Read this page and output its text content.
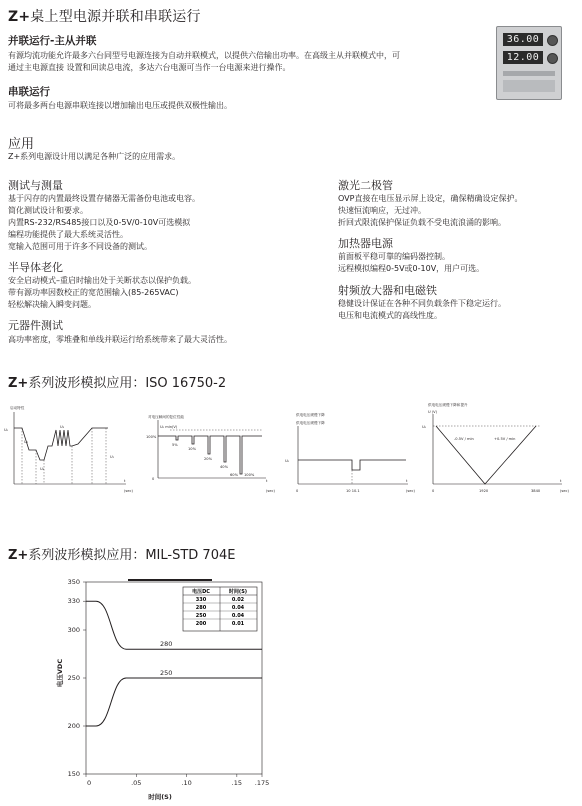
Z+桌上型电源并联和串联运行
并联运行-主从并联
有源均流功能允许最多六台同型号电源连接为自动并联模式，以提供六倍输出功率。在高级主从并联模式中，可
通过主电源直接 设置和回读总电流，多达六台电源可当作一台电源来进行操作。
串联运行
可将最多两台电源串联连接以增加输出电压或提供双极性输出。
36.00
12.00
应用
Z+系列电源设计用以满足各种广泛的应用需求。
测试与测量
基于闪存的内置最终设置存储器无需备份电池或电容。
简化测试设计和要求。
内置RS-232/RS485接口以及0-5V/0-10V可选模拟
编程功能提供了最大系统灵活性。
宽输入范围可用于许多不同设备的测试。
半导体老化
安全启动模式–重启时输出处于关断状态以保护负载。
带有源功率因数校正的宽范围输入(85-265VAC)
轻松解决输入瞬变问题。
元器件测试
高功率密度，零堆叠和单线并联运行给系统带来了最大灵活性。
激光二极管
OVP直接在电压显示屏上设定，确保精确设定保护。
快速恒流响应，无过冲。
折回式限流保护保证负载不受电流浪涌的影响。
加热器电源
前面板平稳可靠的编码器控制。
远程模拟编程0-5V或0-10V，用户可选。
射频放大器和电磁铁
稳健设计保证在各种不同负载条件下稳定运行。
电压和电流模式的高线性度。
Z+系列波形模拟应用：ISO 16750-2
启动特性
U₀
U₁
U₂
U₃
U₄
t
(sec)
对电压瞬间的复位性能
U₀ min(V)
100%
0
5%
10%
20%
40%
60% 100%
t
(sec)
供电电压缓慢下降
供电电压缓慢下降
U₀
0	10 10.1
t
(sec)
供电电压缓慢下降和提升
U (V)
U₀
-0.5V / min	+0.5V / min
0	1920	3840
t
(sec)
Z+系列波形模拟应用：MIL-STD 704E
150
200
250
300
330
350
0	.05	.10	.15 .175
280
250
电压VDC
时间(S)
电压DC	时间(S)
330	0.02
280	0.04
250	0.04
200	0.01
